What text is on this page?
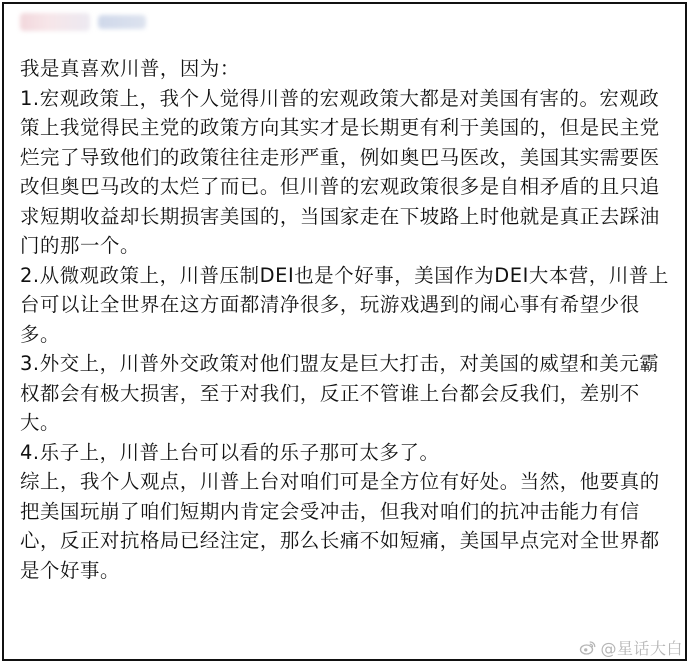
我是真喜欢川普，因为：

1.宏观政策上，我个人觉得川普的宏观政策大都是对美国有害的。宏观政策上我觉得民主党的政策方向其实才是长期更有利于美国的，但是民主党烂完了导致他们的政策往往走形严重，例如奥巴马医改，美国其实需要医改但奥巴马改的太烂了而已。但川普的宏观政策很多是自相矛盾的且只追求短期收益却长期损害美国的，当国家走在下坡路上时他就是真正去踩油门的那一个。

2.从微观政策上，川普压制DEI也是个好事，美国作为DEI大本营，川普上台可以让全世界在这方面都清净很多，玩游戏遇到的闹心事有希望少很多。

3.外交上，川普外交政策对他们盟友是巨大打击，对美国的威望和美元霸权都会有极大损害，至于对我们，反正不管谁上台都会反我们，差别不大。

4.乐子上，川普上台可以看的乐子那可太多了。

综上，我个人观点，川普上台对咱们可是全方位有好处。当然，他要真的把美国玩崩了咱们短期内肯定会受冲击，但我对咱们的抗冲击能力有信心，反正对抗格局已经注定，那么长痛不如短痛，美国早点完对全世界都是个好事。

@星话大白
